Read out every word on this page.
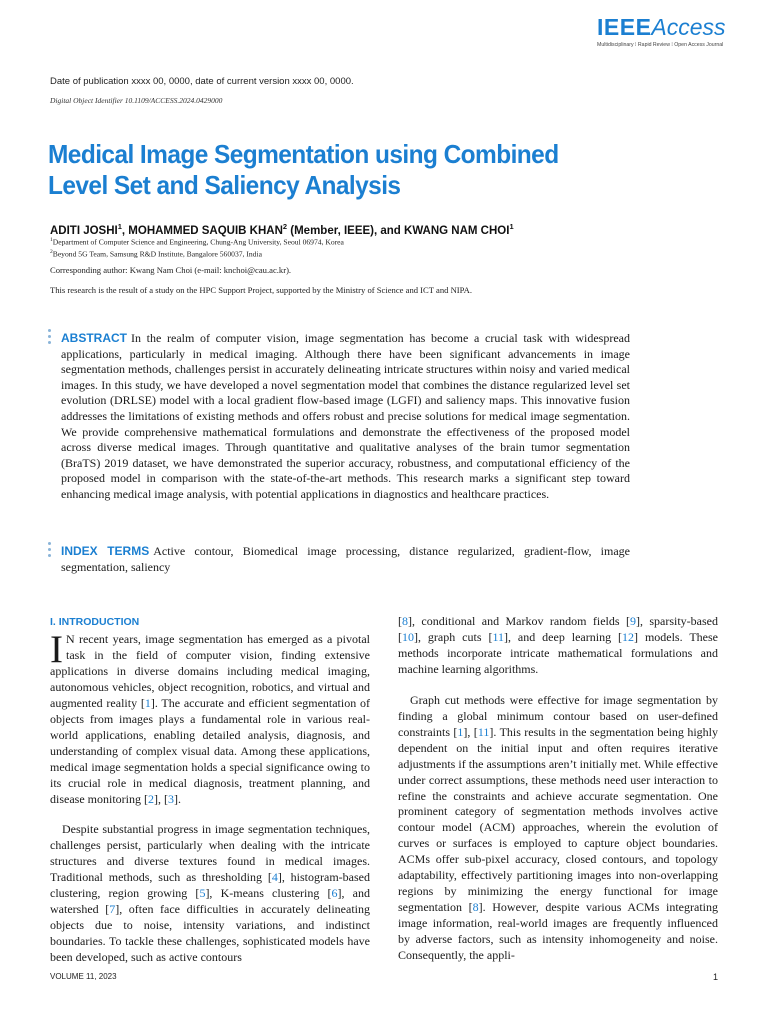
IEEEAccess
Multidisciplinary ⁞ Rapid Review ⁞ Open Access Journal
Date of publication xxxx 00, 0000, date of current version xxxx 00, 0000.
Digital Object Identifier 10.1109/ACCESS.2024.0429000
Medical Image Segmentation using Combined Level Set and Saliency Analysis
ADITI JOSHI$^1$, MOHAMMED SAQUIB KHAN$^2$ (Member, IEEE), and KWANG NAM CHOI$^1$
$^1$Department of Computer Science and Engineering, Chung-Ang University, Seoul 06974, Korea
$^2$Beyond 5G Team, Samsung R&D Institute, Bangalore 560037, India
Corresponding author: Kwang Nam Choi (e-mail: knchoi@cau.ac.kr).
This research is the result of a study on the HPC Support Project, supported by the Ministry of Science and ICT and NIPA.
ABSTRACT In the realm of computer vision, image segmentation has become a crucial task with widespread applications, particularly in medical imaging. Although there have been significant advancements in image segmentation methods, challenges persist in accurately delineating intricate structures within noisy and varied medical images. In this study, we have developed a novel segmentation model that combines the distance regularized level set evolution (DRLSE) model with a local gradient flow-based image (LGFI) and saliency maps. This innovative fusion addresses the limitations of existing methods and offers robust and precise solutions for medical image segmentation. We provide comprehensive mathematical formulations and demonstrate the effectiveness of the proposed model across diverse medical images. Through quantitative and qualitative analyses of the brain tumor segmentation (BraTS) 2019 dataset, we have demonstrated the superior accuracy, robustness, and computational efficiency of the proposed model in comparison with the state-of-the-art methods. This research marks a significant step toward enhancing medical image analysis, with potential applications in diagnostics and healthcare practices.
INDEX TERMS Active contour, Biomedical image processing, distance regularized, gradient-flow, image segmentation, saliency
I. INTRODUCTION

I N recent years, image segmentation has emerged as a pivotal task in the field of computer vision, finding extensive applications in diverse domains including medical imaging, autonomous vehicles, object recognition, robotics, and virtual and augmented reality [1]. The accurate and efficient segmentation of objects from images plays a fundamental role in various real-world applications, enabling detailed analysis, diagnosis, and understanding of complex visual data. Among these applications, medical image segmentation holds a special significance owing to its crucial role in medical diagnosis, treatment planning, and disease monitoring [2], [3].

Despite substantial progress in image segmentation techniques, challenges persist, particularly when dealing with the intricate structures and diverse textures found in medical images. Traditional methods, such as thresholding [4], histogram-based clustering, region growing [5], K-means clustering [6], and watershed [7], often face difficulties in accurately delineating objects due to noise, intensity variations, and indistinct boundaries. To tackle these challenges, sophisticated models have been developed, such as active contours

[8], conditional and Markov random fields [9], sparsity-based [10], graph cuts [11], and deep learning [12] models. These methods incorporate intricate mathematical formulations and machine learning algorithms.

Graph cut methods were effective for image segmentation by finding a global minimum contour based on user-defined constraints [1], [11]. This results in the segmentation being highly dependent on the initial input and often requires iterative adjustments if the assumptions aren’t initially met. While effective under correct assumptions, these methods need user interaction to refine the constraints and achieve accurate segmentation. One prominent category of segmentation methods involves active contour model (ACM) approaches, wherein the evolution of curves or surfaces is employed to capture object boundaries. ACMs offer sub-pixel accuracy, closed contours, and topology adaptability, effectively partitioning images into non-overlapping regions by minimizing the energy functional for image segmentation [8]. However, despite various ACMs integrating image information, real-world images are frequently influenced by adverse factors, such as intensity inhomogeneity and noise. Consequently, the appli-

VOLUME 11, 2023	1
